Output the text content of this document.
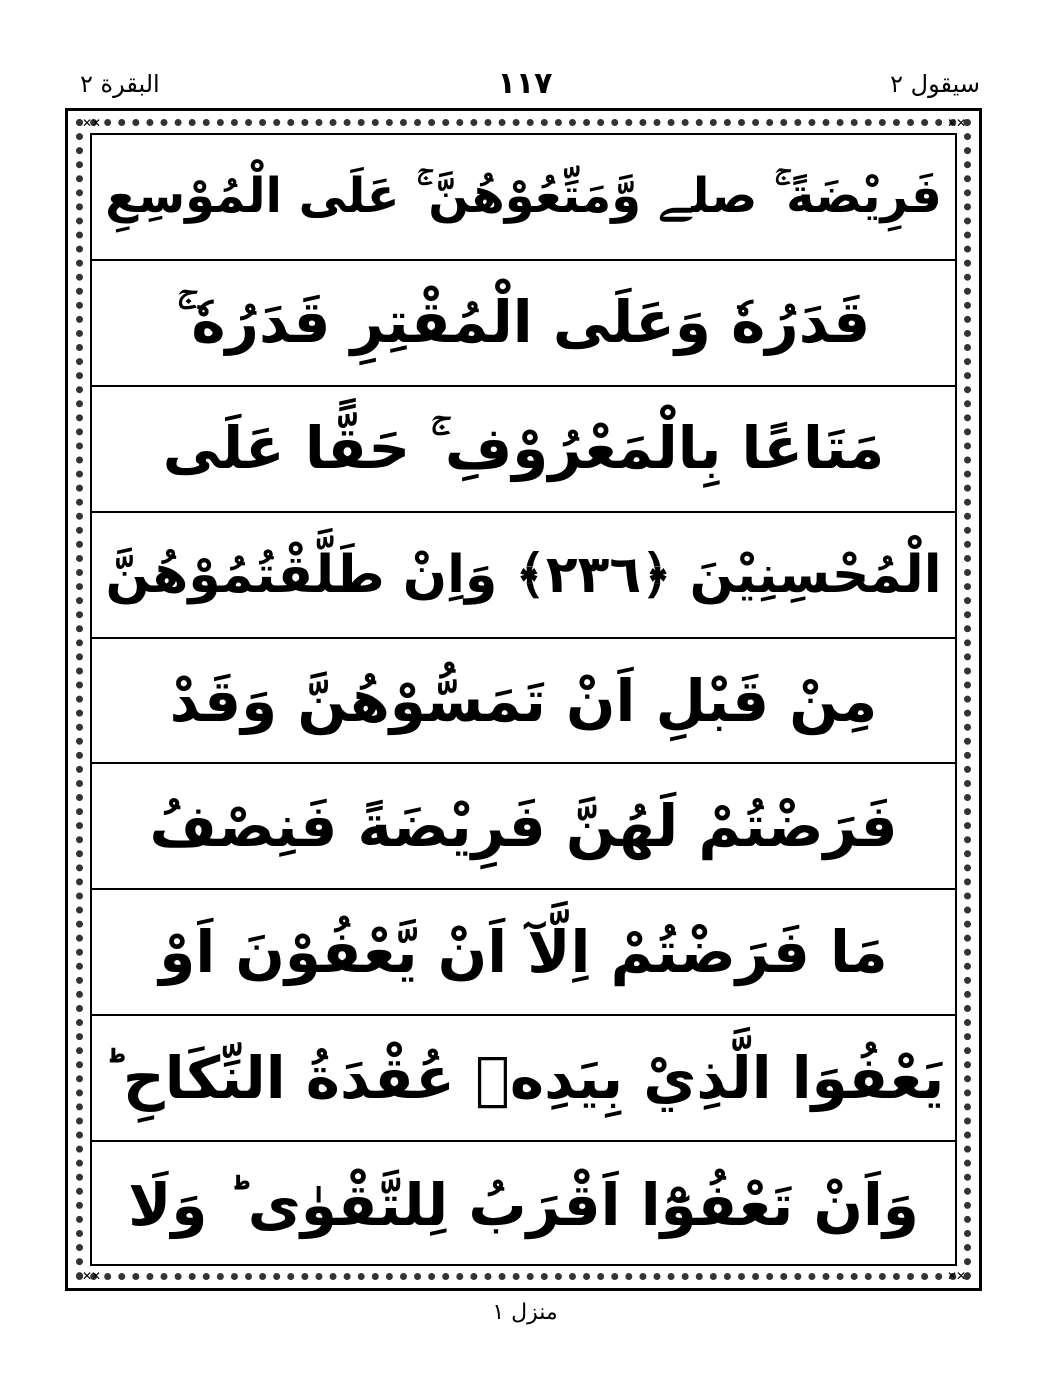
البقرة ٢	١١٧	سيقول ٢
✕✕	✕✕
✕✕	✕✕
فَرِيْضَةً ۚ صلے وَّمَتِّعُوْهُنَّ ۚ عَلَى الْمُوْسِعِ
قَدَرُهٗ وَعَلَى الْمُقْتِرِ قَدَرُهٗ ۚ
مَتَاعًا بِالْمَعْرُوْفِ ۚ حَقًّا عَلَى
الْمُحْسِنِيْنَ ﴿٢٣٦﴾ وَاِنْ طَلَّقْتُمُوْهُنَّ
مِنْ قَبْلِ اَنْ تَمَسُّوْهُنَّ وَقَدْ
فَرَضْتُمْ لَهُنَّ فَرِيْضَةً فَنِصْفُ
مَا فَرَضْتُمْ اِلَّآ اَنْ يَّعْفُوْنَ اَوْ
يَعْفُوَا الَّذِيْ بِيَدِهٖ عُقْدَةُ النِّكَاحِ ؕ
وَاَنْ تَعْفُوْٓا اَقْرَبُ لِلتَّقْوٰى ؕ وَلَا
منزل ١
